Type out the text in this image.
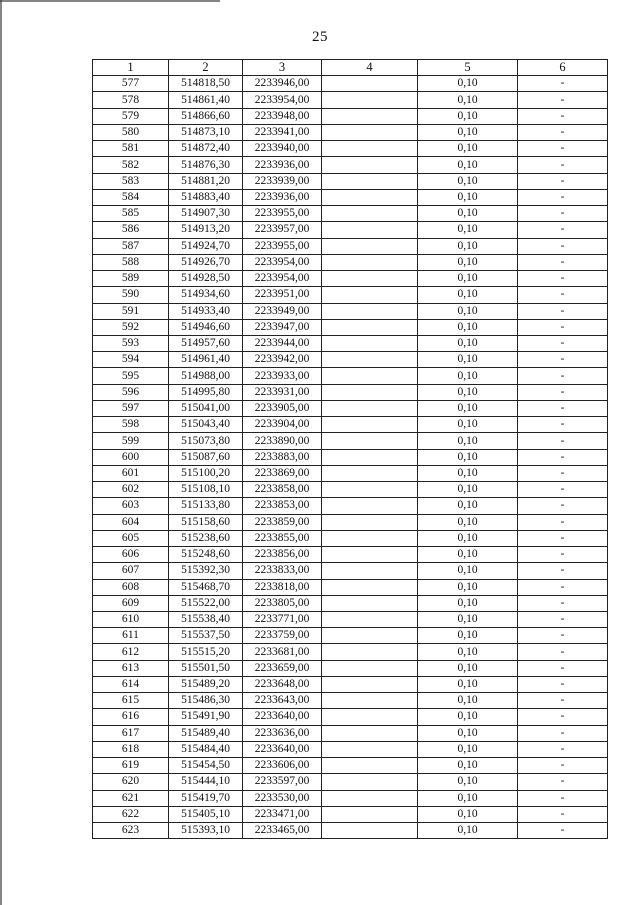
25
1	2	3	4	5	6
577	514818,50	2233946,00		0,10	-
578	514861,40	2233954,00		0,10	-
579	514866,60	2233948,00		0,10	-
580	514873,10	2233941,00		0,10	-
581	514872,40	2233940,00		0,10	-
582	514876,30	2233936,00		0,10	-
583	514881,20	2233939,00		0,10	-
584	514883,40	2233936,00		0,10	-
585	514907,30	2233955,00		0,10	-
586	514913,20	2233957,00		0,10	-
587	514924,70	2233955,00		0,10	-
588	514926,70	2233954,00		0,10	-
589	514928,50	2233954,00		0,10	-
590	514934,60	2233951,00		0,10	-
591	514933,40	2233949,00		0,10	-
592	514946,60	2233947,00		0,10	-
593	514957,60	2233944,00		0,10	-
594	514961,40	2233942,00		0,10	-
595	514988,00	2233933,00		0,10	-
596	514995,80	2233931,00		0,10	-
597	515041,00	2233905,00		0,10	-
598	515043,40	2233904,00		0,10	-
599	515073,80	2233890,00		0,10	-
600	515087,60	2233883,00		0,10	-
601	515100,20	2233869,00		0,10	-
602	515108,10	2233858,00		0,10	-
603	515133,80	2233853,00		0,10	-
604	515158,60	2233859,00		0,10	-
605	515238,60	2233855,00		0,10	-
606	515248,60	2233856,00		0,10	-
607	515392,30	2233833,00		0,10	-
608	515468,70	2233818,00		0,10	-
609	515522,00	2233805,00		0,10	-
610	515538,40	2233771,00		0,10	-
611	515537,50	2233759,00		0,10	-
612	515515,20	2233681,00		0,10	-
613	515501,50	2233659,00		0,10	-
614	515489,20	2233648,00		0,10	-
615	515486,30	2233643,00		0,10	-
616	515491,90	2233640,00		0,10	-
617	515489,40	2233636,00		0,10	-
618	515484,40	2233640,00		0,10	-
619	515454,50	2233606,00		0,10	-
620	515444,10	2233597,00		0,10	-
621	515419,70	2233530,00		0,10	-
622	515405,10	2233471,00		0,10	-
623	515393,10	2233465,00		0,10	-
